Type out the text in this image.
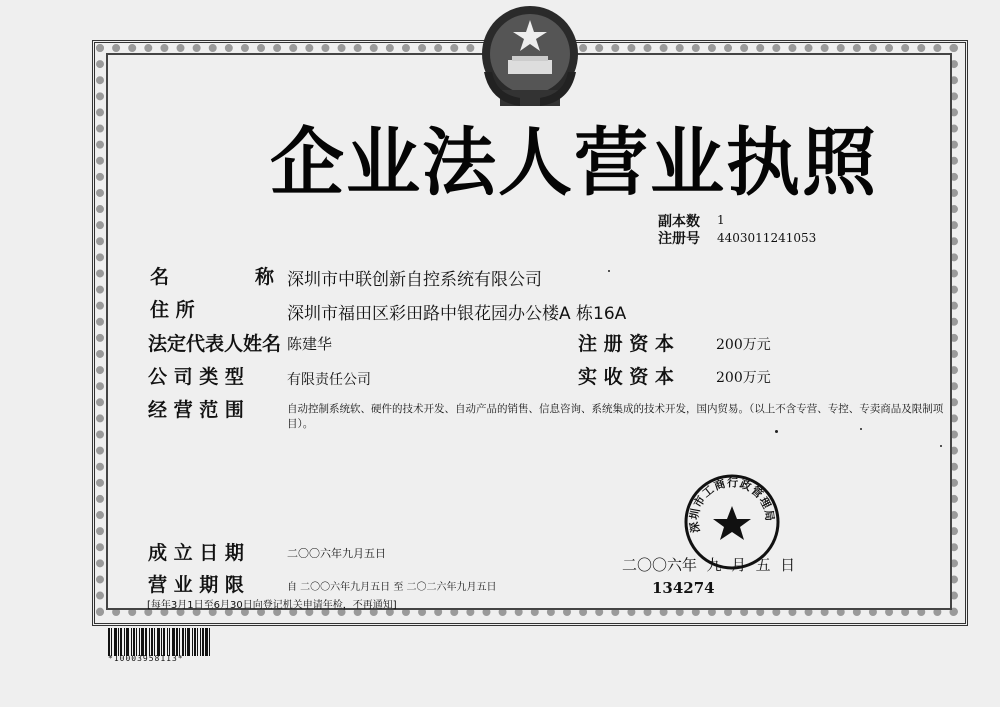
企业法人营业执照
副本数 1
注册号 4403011241053
名 称 深圳市中联创新自控系统有限公司
住 所	深圳市福田区彩田路中银花园办公楼A 栋16A
法定代表人姓名 陈建华	注 册 资 本	200万元
公 司 类 型	有限责任公司	实 收 资 本	200万元
经 营 范 围	自动控制系统软、硬件的技术开发、自动产品的销售、信息咨询、系统集成的技术开发，国内贸易。（以上不含专营、专控、专卖商品及限制项目）。
成 立 日 期	二〇〇六年九月五日
营 业 期 限	自 二〇〇六年九月五日 至 二〇二六年九月五日
[每年3月1日至6月30日向登记机关申请年检，不再通知]
深圳市工商行政管理局
二〇〇六年  九  月  五  日
134274
*10003958113*
